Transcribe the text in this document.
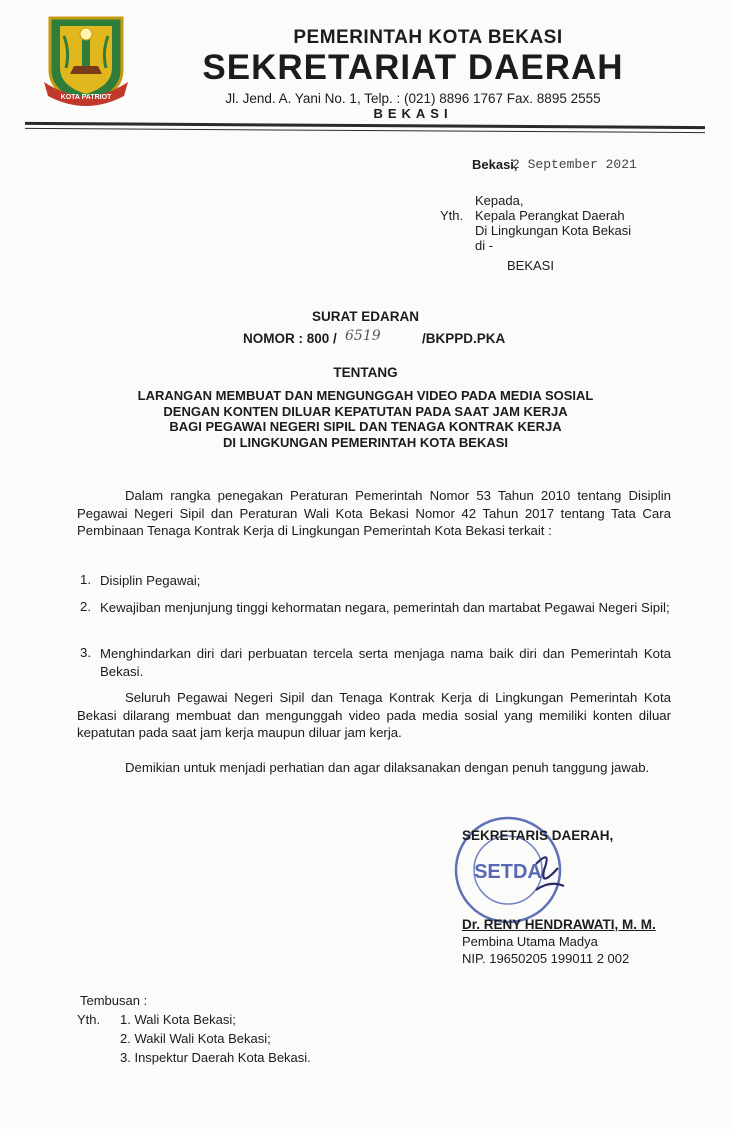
KOTA PATRIOT
PEMERINTAH KOTA BEKASI
SEKRETARIAT DAERAH
Jl. Jend. A. Yani No. 1, Telp. : (021) 8896 1767 Fax. 8895 2555
BEKASI
Bekasi,
2 September 2021
Kepada,
Kepala Perangkat Daerah
Di Lingkungan Kota Bekasi
di -
Yth.
BEKASI
SURAT EDARAN
NOMOR : 800 / 6519	/BKPPD.PKA
TENTANG
LARANGAN MEMBUAT DAN MENGUNGGAH VIDEO PADA MEDIA SOSIAL
DENGAN KONTEN DILUAR KEPATUTAN PADA SAAT JAM KERJA
BAGI PEGAWAI NEGERI SIPIL DAN TENAGA KONTRAK KERJA
DI LINGKUNGAN PEMERINTAH KOTA BEKASI
Dalam rangka penegakan Peraturan Pemerintah Nomor 53 Tahun 2010 tentang Disiplin Pegawai Negeri Sipil dan Peraturan Wali Kota Bekasi Nomor 42 Tahun 2017 tentang Tata Cara Pembinaan Tenaga Kontrak Kerja di Lingkungan Pemerintah Kota Bekasi terkait :
1. Disiplin Pegawai;
2. Kewajiban menjunjung tinggi kehormatan negara, pemerintah dan martabat Pegawai Negeri Sipil;
3. Menghindarkan diri dari perbuatan tercela serta menjaga nama baik diri dan Pemerintah Kota Bekasi.
Seluruh Pegawai Negeri Sipil dan Tenaga Kontrak Kerja di Lingkungan Pemerintah Kota Bekasi dilarang membuat dan mengunggah video pada media sosial yang memiliki konten diluar kepatutan pada saat jam kerja maupun diluar jam kerja.
Demikian untuk menjadi perhatian dan agar dilaksanakan dengan penuh tanggung jawab.
SETDA
SEKRETARIS DAERAH,
Dr. RENY HENDRAWATI, M. M.
Pembina Utama Madya
NIP. 19650205 199011 2 002
Tembusan :
Yth. 1. Wali Kota Bekasi;
2. Wakil Wali Kota Bekasi;
3. Inspektur Daerah Kota Bekasi.
